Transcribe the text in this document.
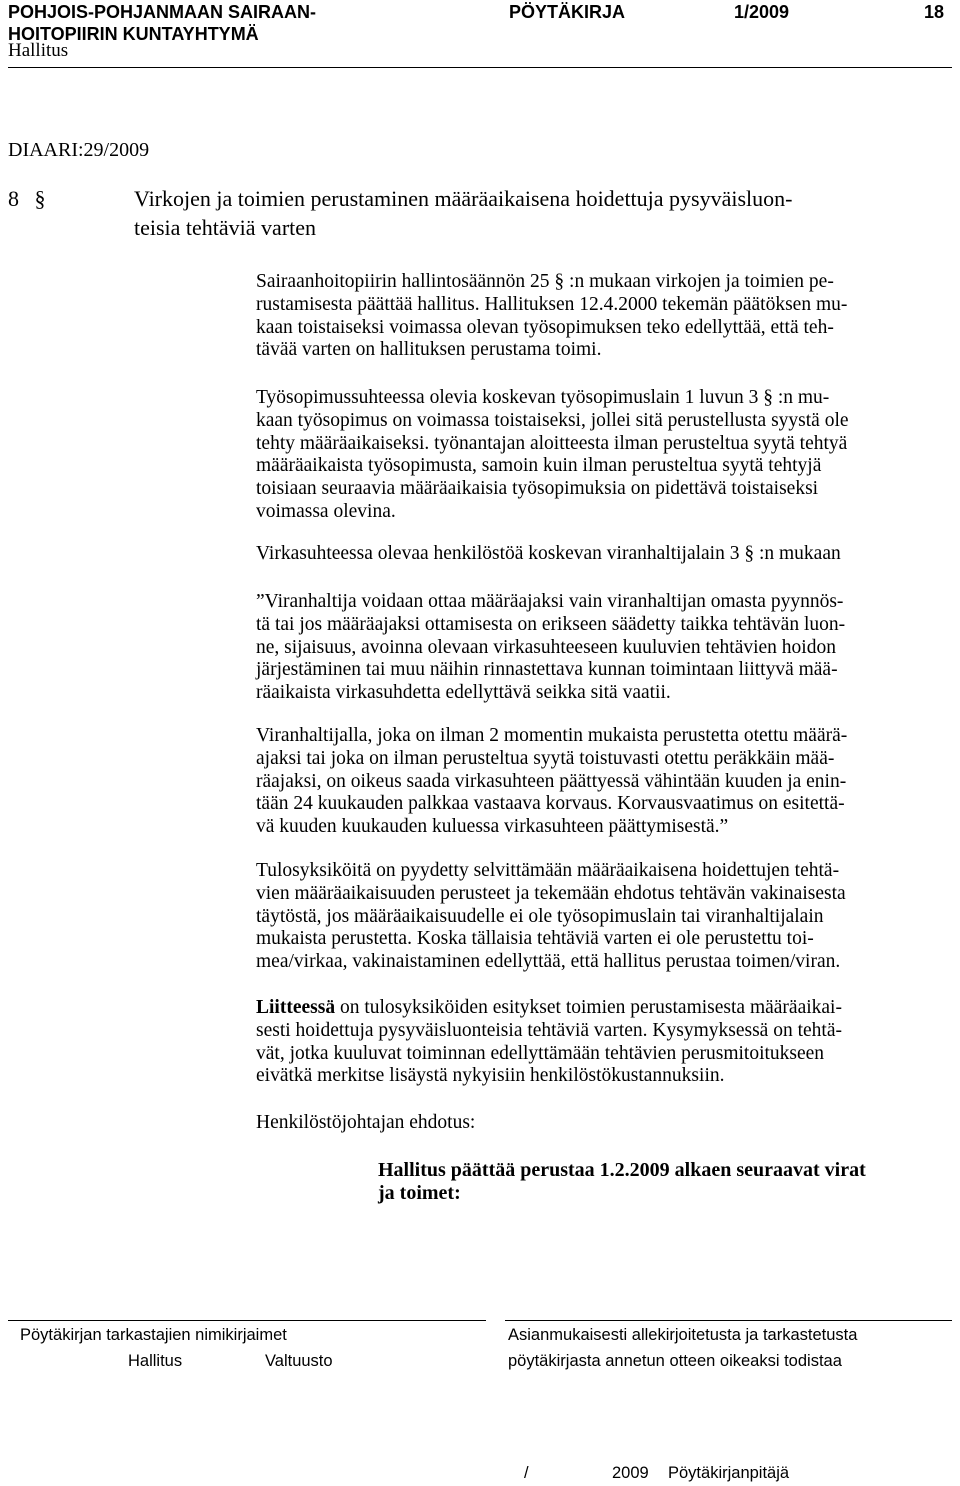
POHJOIS-POHJANMAAN SAIRAAN-
HOITOPIIRIN KUNTAYHTYMÄ
PÖYTÄKIRJA	1/2009	18
Hallitus
DIAARI:29/2009
8 §	Virkojen ja toimien perustaminen määräaikaisena hoidettuja pysyväisluon-
teisia tehtäviä varten
Sairaanhoitopiirin hallintosäännön 25 § :n mukaan virkojen ja toimien pe-
rustamisesta päättää hallitus. Hallituksen 12.4.2000 tekemän päätöksen mu-
kaan toistaiseksi voimassa olevan työsopimuksen teko edellyttää, että teh-
tävää varten on hallituksen perustama toimi.
Työsopimussuhteessa olevia koskevan työsopimuslain 1 luvun 3 § :n mu-
kaan työsopimus on voimassa toistaiseksi, jollei sitä perustellusta syystä ole
tehty määräaikaiseksi. työnantajan aloitteesta ilman perusteltua syytä tehtyä
määräaikaista työsopimusta, samoin kuin ilman perusteltua syytä tehtyjä
toisiaan seuraavia määräaikaisia työsopimuksia on pidettävä toistaiseksi
voimassa olevina.
Virkasuhteessa olevaa henkilöstöä koskevan viranhaltijalain 3 § :n mukaan
”Viranhaltija voidaan ottaa määräajaksi vain viranhaltijan omasta pyynnös-
tä tai jos määräajaksi ottamisesta on erikseen säädetty taikka tehtävän luon-
ne, sijaisuus, avoinna olevaan virkasuhteeseen kuuluvien tehtävien hoidon
järjestäminen tai muu näihin rinnastettava kunnan toimintaan liittyvä mää-
räaikaista virkasuhdetta edellyttävä seikka sitä vaatii.
Viranhaltijalla, joka on ilman 2 momentin mukaista perustetta otettu määrä-
ajaksi tai joka on ilman perusteltua syytä toistuvasti otettu peräkkäin mää-
räajaksi, on oikeus saada virkasuhteen päättyessä vähintään kuuden ja enin-
tään 24 kuukauden palkkaa vastaava korvaus. Korvausvaatimus on esitettä-
vä kuuden kuukauden kuluessa virkasuhteen päättymisestä.”
Tulosyksiköitä on pyydetty selvittämään määräaikaisena hoidettujen tehtä-
vien määräaikaisuuden perusteet ja tekemään ehdotus tehtävän vakinaisesta
täytöstä, jos määräaikaisuudelle ei ole työsopimuslain tai viranhaltijalain
mukaista perustetta. Koska tällaisia tehtäviä varten ei ole perustettu toi-
mea/virkaa, vakinaistaminen edellyttää, että hallitus perustaa toimen/viran.
Liitteessä on tulosyksiköiden esitykset toimien perustamisesta määräaikai-
sesti hoidettuja pysyväisluonteisia tehtäviä varten. Kysymyksessä on tehtä-
vät, jotka kuuluvat toiminnan edellyttämään tehtävien perusmitoitukseen
eivätkä merkitse lisäystä nykyisiin henkilöstökustannuksiin.
Henkilöstöjohtajan ehdotus:
Hallitus päättää perustaa 1.2.2009 alkaen seuraavat virat
ja toimet:
Pöytäkirjan tarkastajien nimikirjaimet
Hallitus	Valtuusto
Asianmukaisesti allekirjoitetusta ja tarkastetusta
pöytäkirjasta annetun otteen oikeaksi todistaa
/	2009 Pöytäkirjanpitäjä
